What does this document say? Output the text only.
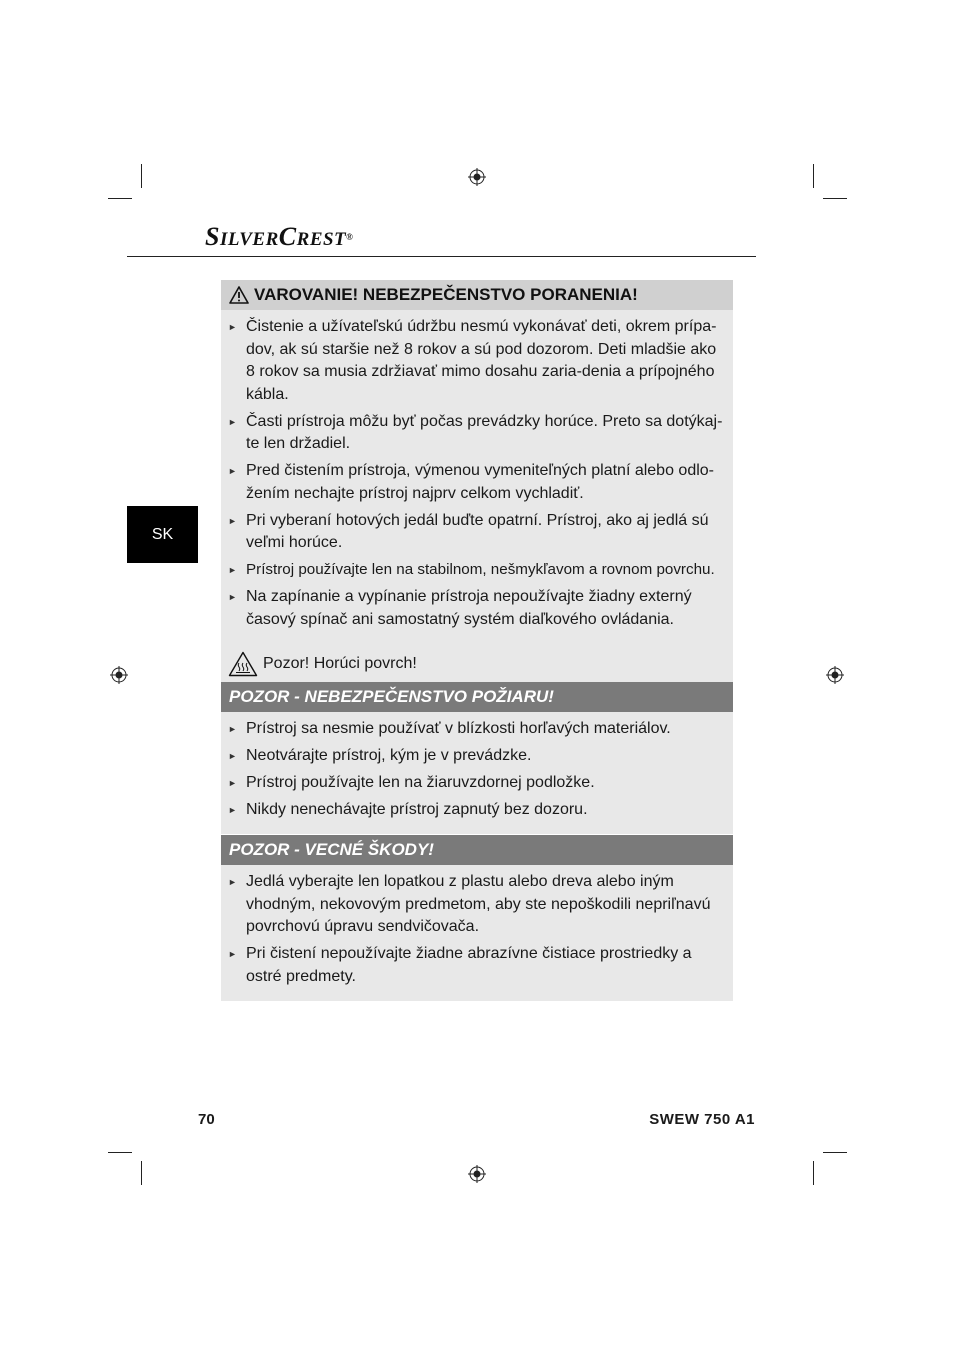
SILVERCREST®
SK
VAROVANIE! NEBEZPEČENSTVO PORANENIA!
► Čistenie a užívateľskú údržbu nesmú vykonávať deti, okrem prípa-dov, ak sú staršie než 8 rokov a sú pod dozorom. Deti mladšie ako 8 rokov sa musia zdržiavať mimo dosahu zaria-denia a prípojného kábla.
► Časti prístroja môžu byť počas prevádzky horúce. Preto sa dotýkaj-te len držadiel.
► Pred čistením prístroja, výmenou vymeniteľných platní alebo odlo-žením nechajte prístroj najprv celkom vychladiť.
► Pri vyberaní hotových jedál buďte opatrní. Prístroj, ako aj jedlá sú veľmi horúce.
► Prístroj používajte len na stabilnom, nešmykľavom a rovnom povrchu.
► Na zapínanie a vypínanie prístroja nepoužívajte žiadny externý časový spínač ani samostatný systém diaľkového ovládania.
Pozor! Horúci povrch!
POZOR - NEBEZPEČENSTVO POŽIARU!
► Prístroj sa nesmie používať v blízkosti horľavých materiálov.
► Neotvárajte prístroj, kým je v prevádzke.
► Prístroj používajte len na žiaruvzdornej podložke.
► Nikdy nenechávajte prístroj zapnutý bez dozoru.
POZOR - VECNÉ ŠKODY!
► Jedlá vyberajte len lopatkou z plastu alebo dreva alebo iným vhodným, nekovovým predmetom, aby ste nepoškodili nepriľnavú povrchovú úpravu sendvičovača.
► Pri čistení nepoužívajte žiadne abrazívne čistiace prostriedky a ostré predmety.
70	SWEW 750 A1
